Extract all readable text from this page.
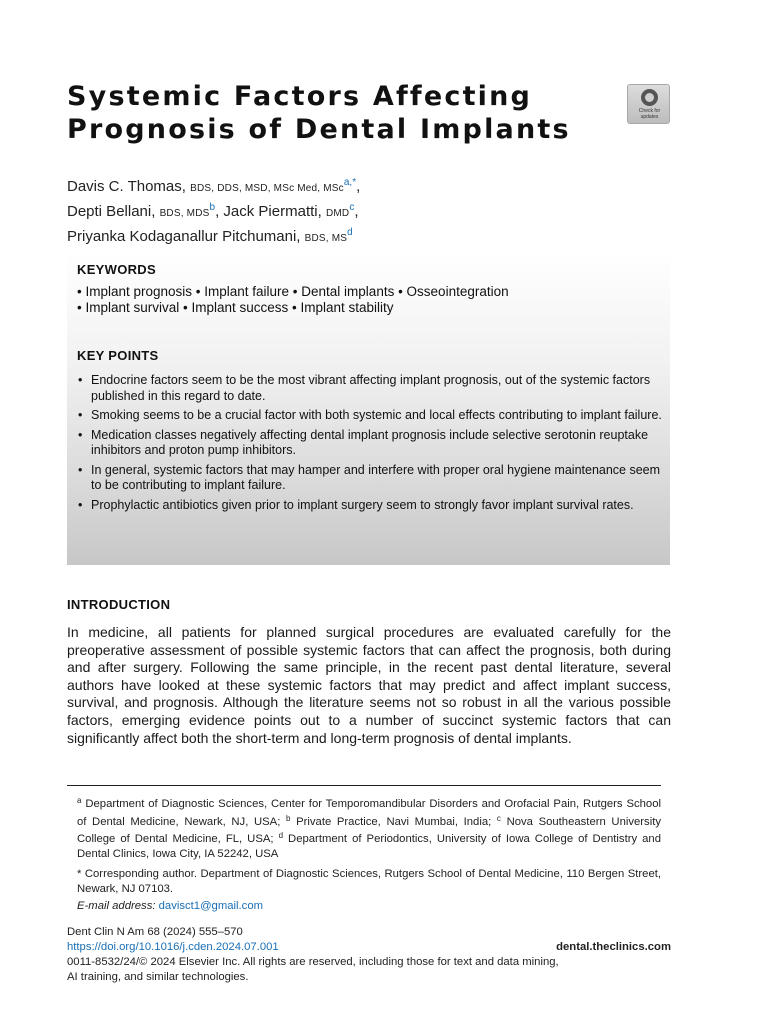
Systemic Factors Affecting
Prognosis of Dental Implants
Check for
updates
Davis C. Thomas, BDS, DDS, MSD, MSc Med, MSc$^{a,*}$,
Depti Bellani, BDS, MDS$^b$, Jack Piermatti, DMD$^c$,
Priyanka Kodaganallur Pitchumani, BDS, $MS^d$
KEYWORDS
• Implant prognosis • Implant failure • Dental implants • Osseointegration
• Implant survival • Implant success • Implant stability
KEY POINTS
• Endocrine factors seem to be the most vibrant affecting implant prognosis, out of the systemic factors published in this regard to date.
• Smoking seems to be a crucial factor with both systemic and local effects contributing to implant failure.
• Medication classes negatively affecting dental implant prognosis include selective serotonin reuptake inhibitors and proton pump inhibitors.
• In general, systemic factors that may hamper and interfere with proper oral hygiene maintenance seem to be contributing to implant failure.
• Prophylactic antibiotics given prior to implant surgery seem to strongly favor implant survival rates.
INTRODUCTION

In medicine, all patients for planned surgical procedures are evaluated carefully for the preoperative assessment of possible systemic factors that can affect the prognosis, both during and after surgery. Following the same principle, in the recent past dental literature, several authors have looked at these systemic factors that may predict and affect implant success, survival, and prognosis. Although the literature seems not so robust in all the various possible factors, emerging evidence points out to a number of succinct systemic factors that can significantly affect both the short-term and long-term prognosis of dental implants.

$^a$ Department of Diagnostic Sciences, Center for Temporomandibular Disorders and Orofacial Pain, Rutgers School of Dental Medicine, Newark, NJ, USA; $^b$ Private Practice, Navi Mumbai, India; $^c$ Nova Southeastern University College of Dental Medicine, FL, USA; $^d$ Department of Periodontics, University of Iowa College of Dentistry and Dental Clinics, Iowa City, IA 52242, USA

* Corresponding author. Department of Diagnostic Sciences, Rutgers School of Dental Medicine, 110 Bergen Street, Newark, NJ 07103.

E-mail address: davisct1@gmail.com
Dent Clin N Am 68 (2024) 555–570
https://doi.org/10.1016/j.cden.2024.07.001	dental.theclinics.com
0011-8532/24/© 2024 Elsevier Inc. All rights are reserved, including those for text and data mining,
AI training, and similar technologies.
